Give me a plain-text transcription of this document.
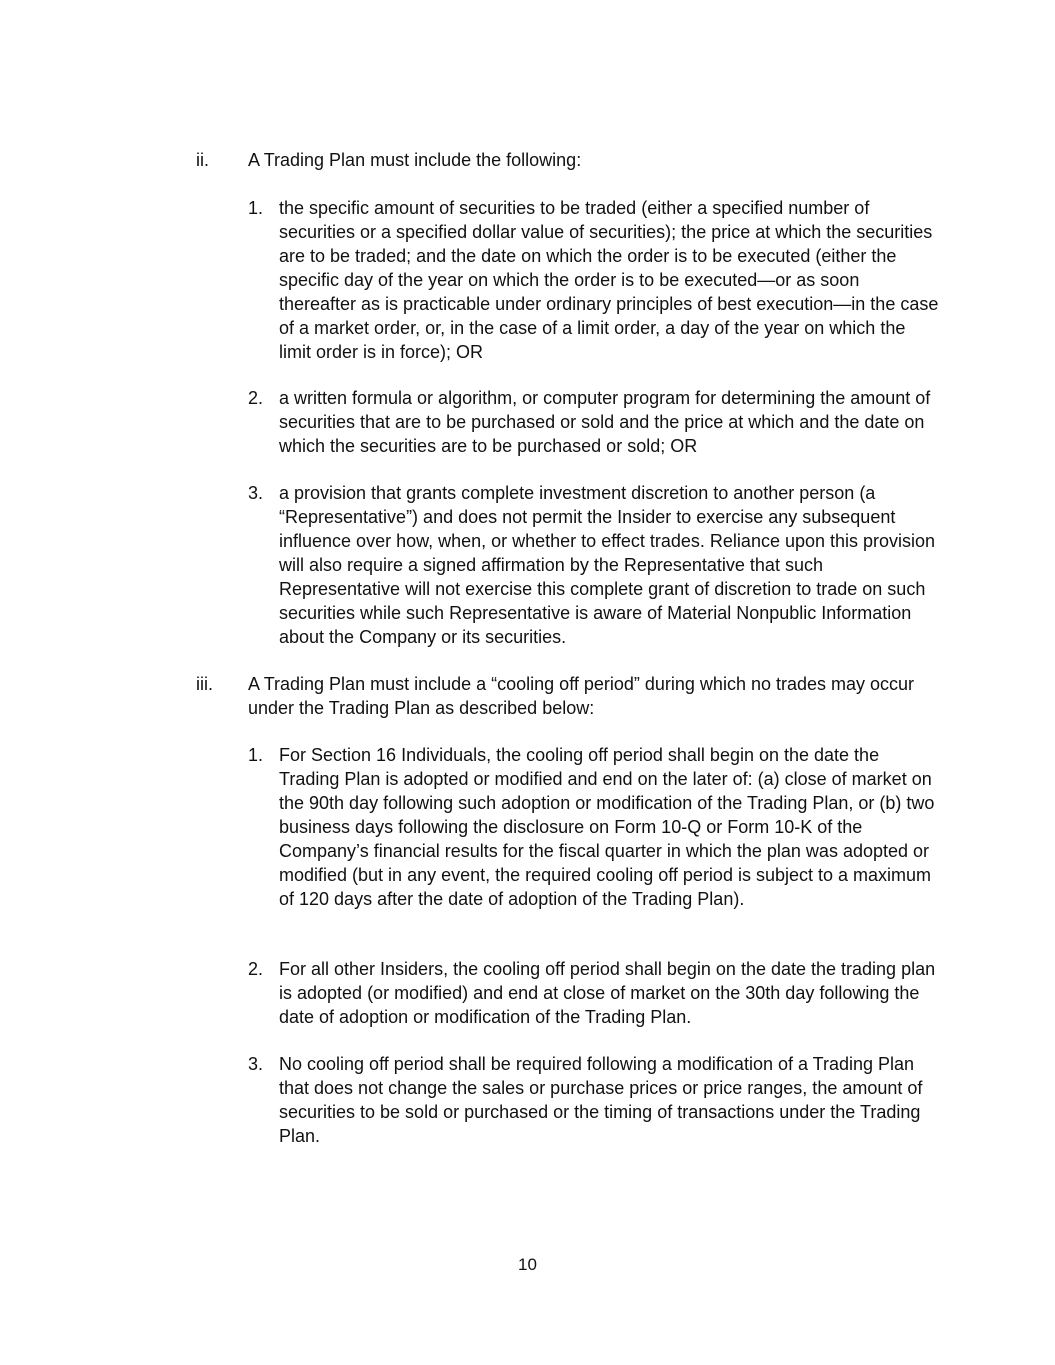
ii. A Trading Plan must include the following:
1. the specific amount of securities to be traded (either a specified number of securities or a specified dollar value of securities); the price at which the securities are to be traded; and the date on which the order is to be executed (either the specific day of the year on which the order is to be executed—or as soon thereafter as is practicable under ordinary principles of best execution—in the case of a market order, or, in the case of a limit order, a day of the year on which the limit order is in force); OR
2. a written formula or algorithm, or computer program for determining the amount of securities that are to be purchased or sold and the price at which and the date on which the securities are to be purchased or sold; OR
3. a provision that grants complete investment discretion to another person (a “Representative”) and does not permit the Insider to exercise any subsequent influence over how, when, or whether to effect trades. Reliance upon this provision will also require a signed affirmation by the Representative that such Representative will not exercise this complete grant of discretion to trade on such securities while such Representative is aware of Material Nonpublic Information about the Company or its securities.
iii. A Trading Plan must include a “cooling off period” during which no trades may occur under the Trading Plan as described below:
1. For Section 16 Individuals, the cooling off period shall begin on the date the Trading Plan is adopted or modified and end on the later of: (a) close of market on the 90th day following such adoption or modification of the Trading Plan, or (b) two business days following the disclosure on Form 10-Q or Form 10-K of the Company’s financial results for the fiscal quarter in which the plan was adopted or modified (but in any event, the required cooling off period is subject to a maximum of 120 days after the date of adoption of the Trading Plan).
2. For all other Insiders, the cooling off period shall begin on the date the trading plan is adopted (or modified) and end at close of market on the 30th day following the date of adoption or modification of the Trading Plan.
3. No cooling off period shall be required following a modification of a Trading Plan that does not change the sales or purchase prices or price ranges, the amount of securities to be sold or purchased or the timing of transactions under the Trading Plan.
10
